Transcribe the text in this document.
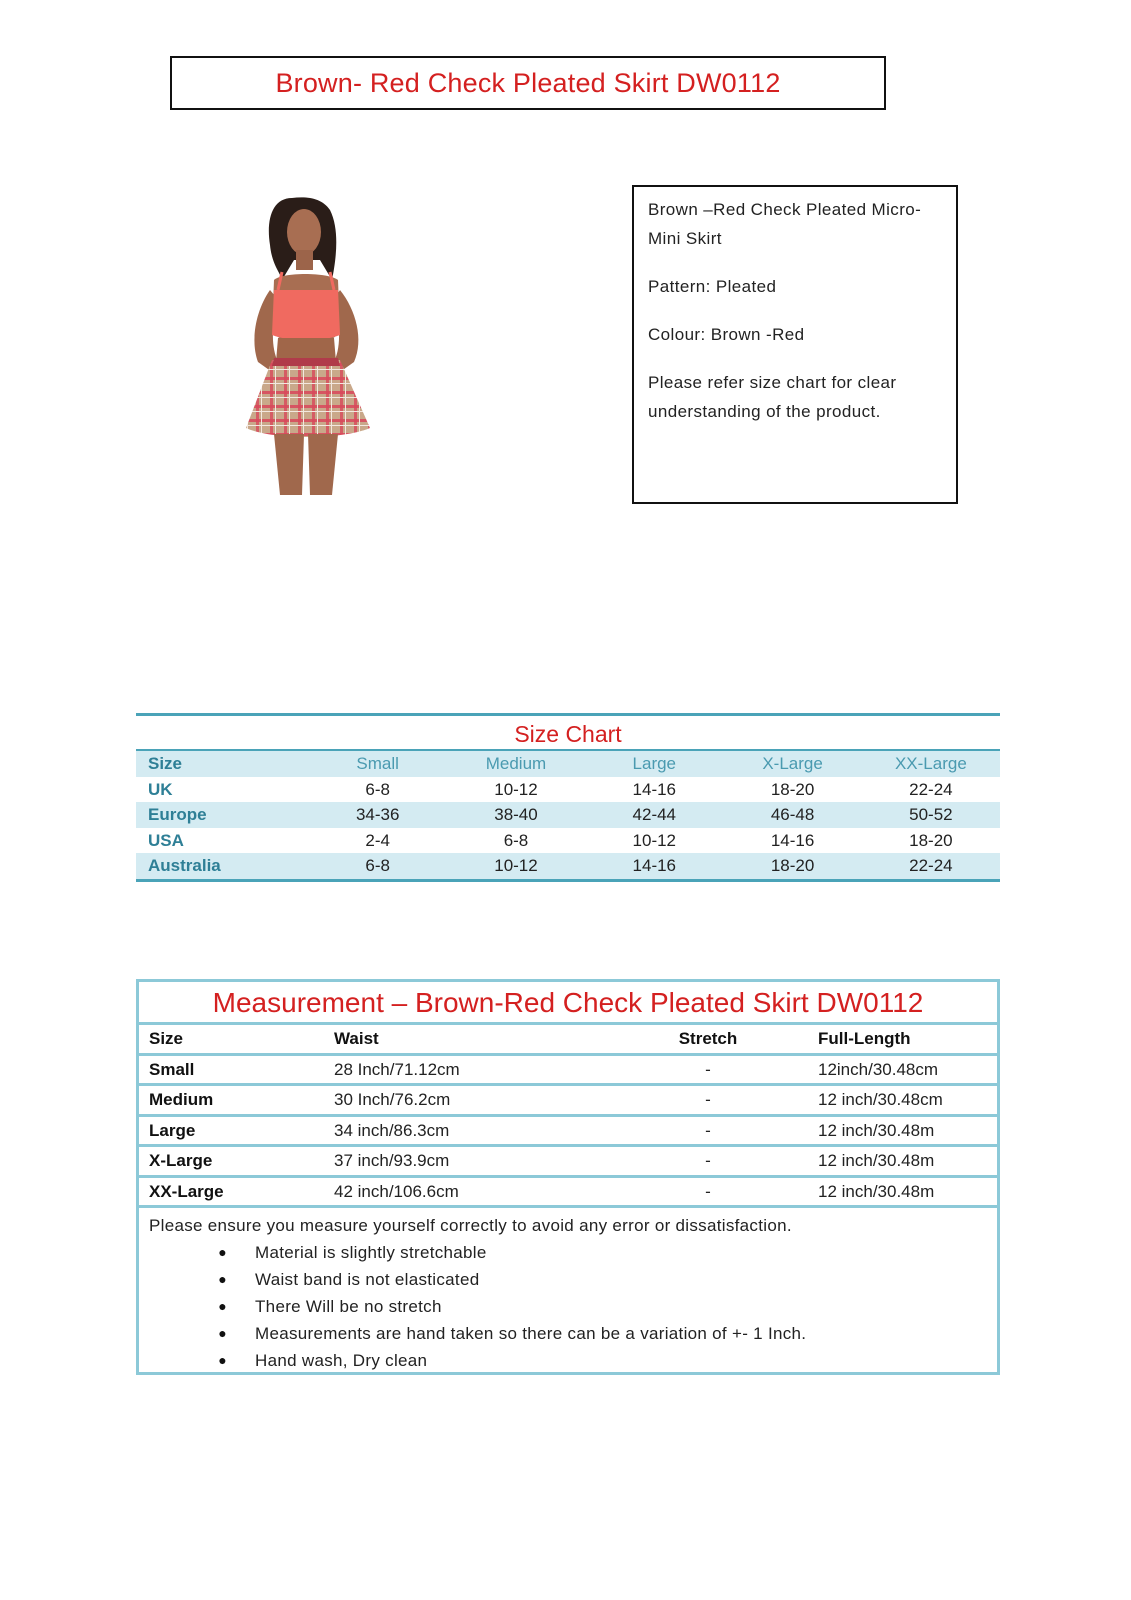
Brown- Red Check Pleated Skirt DW0112

Brown –Red Check Pleated Micro-Mini Skirt

Pattern: Pleated

Colour: Brown -Red

Please refer size chart for clear understanding of the product.

Size Chart
Size	Small	Medium	Large	X-Large	XX-Large
UK	6-8	10-12	14-16	18-20	22-24
Europe	34-36	38-40	42-44	46-48	50-52
USA	2-4	6-8	10-12	14-16	18-20
Australia	6-8	10-12	14-16	18-20	22-24
Measurement – Brown-Red Check Pleated Skirt DW0112
Size	Waist	Stretch	Full-Length
Small	28 Inch/71.12cm	-	12inch/30.48cm
Medium	30 Inch/76.2cm	-	12 inch/30.48cm
Large	34 inch/86.3cm	-	12 inch/30.48m
X-Large	37 inch/93.9cm	-	12 inch/30.48m
XX-Large	42 inch/106.6cm	-	12 inch/30.48m
Please ensure you measure yourself correctly to avoid any error or dissatisfaction.
●	Material is slightly stretchable
●	Waist band is not elasticated
●	There Will be no stretch
●	Measurements are hand taken so there can be a variation of +- 1 Inch.
●	Hand wash, Dry clean
